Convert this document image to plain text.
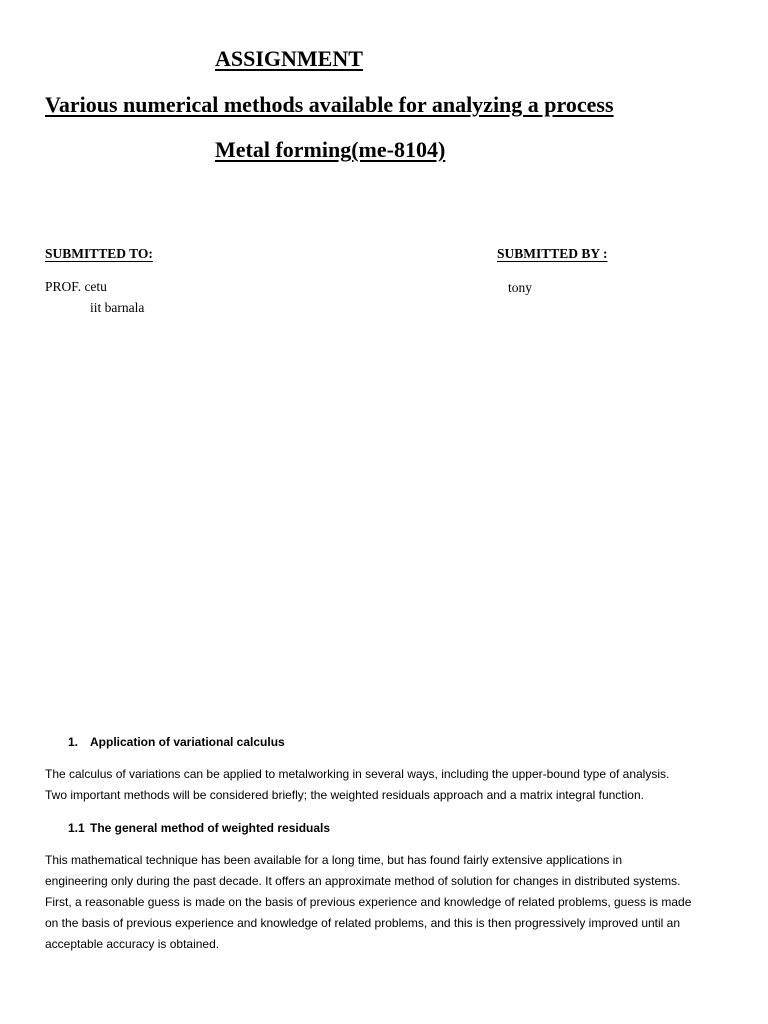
ASSIGNMENT
Various numerical methods available for analyzing a process
Metal forming(me-8104)
SUBMITTED TO:
PROF. cetu
iit barnala
SUBMITTED BY :
tony
1. Application of variational calculus
The calculus of variations can be applied to metalworking in several ways, including the upper-bound type of analysis.
Two important methods will be considered briefly; the weighted residuals approach and a matrix integral function.
1.1 The general method of weighted residuals
This mathematical technique has been available for a long time, but has found fairly extensive applications in
engineering only during the past decade. It offers an approximate method of solution for changes in distributed systems.
First, a reasonable guess is made on the basis of previous experience and knowledge of related problems, guess is made
on the basis of previous experience and knowledge of related problems, and this is then progressively improved until an
acceptable accuracy is obtained.
